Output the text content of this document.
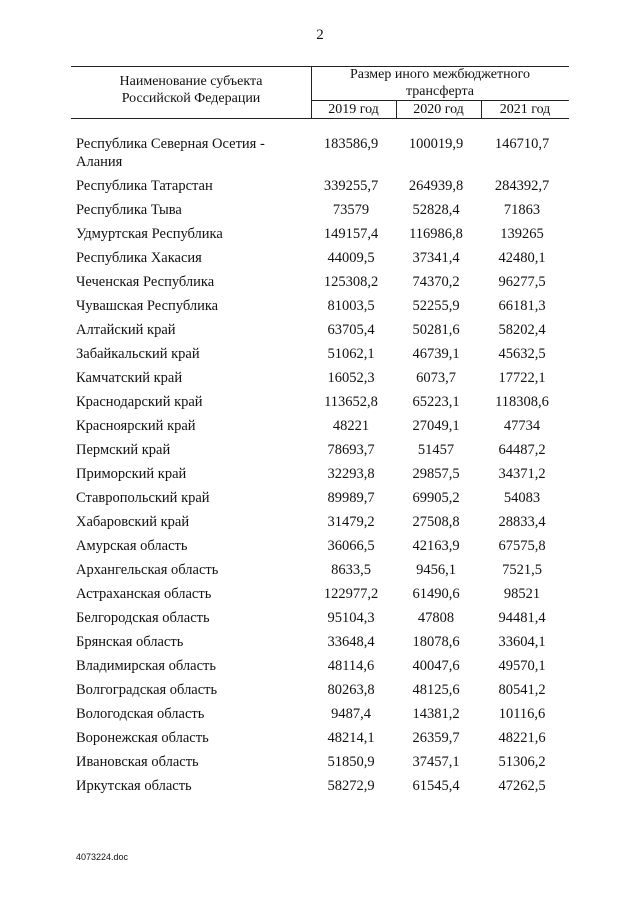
2
Наименование субъекта
Российской Федерации
Размер иного межбюджетного
трансферта
2019 год	2020 год	2021 год
Республика Северная Осетия -
Алания
183586,9	100019,9	146710,7
Республика Татарстан	339255,7	264939,8	284392,7
Республика Тыва	73579	52828,4	71863
Удмуртская Республика	149157,4	116986,8	139265
Республика Хакасия	44009,5	37341,4	42480,1
Чеченская Республика	125308,2	74370,2	96277,5
Чувашская Республика	81003,5	52255,9	66181,3
Алтайский край	63705,4	50281,6	58202,4
Забайкальский край	51062,1	46739,1	45632,5
Камчатский край	16052,3	6073,7	17722,1
Краснодарский край	113652,8	65223,1	118308,6
Красноярский край	48221	27049,1	47734
Пермский край	78693,7	51457	64487,2
Приморский край	32293,8	29857,5	34371,2
Ставропольский край	89989,7	69905,2	54083
Хабаровский край	31479,2	27508,8	28833,4
Амурская область	36066,5	42163,9	67575,8
Архангельская область	8633,5	9456,1	7521,5
Астраханская область	122977,2	61490,6	98521
Белгородская область	95104,3	47808	94481,4
Брянская область	33648,4	18078,6	33604,1
Владимирская область	48114,6	40047,6	49570,1
Волгоградская область	80263,8	48125,6	80541,2
Вологодская область	9487,4	14381,2	10116,6
Воронежская область	48214,1	26359,7	48221,6
Ивановская область	51850,9	37457,1	51306,2
Иркутская область	58272,9	61545,4	47262,5
4073224.doc
